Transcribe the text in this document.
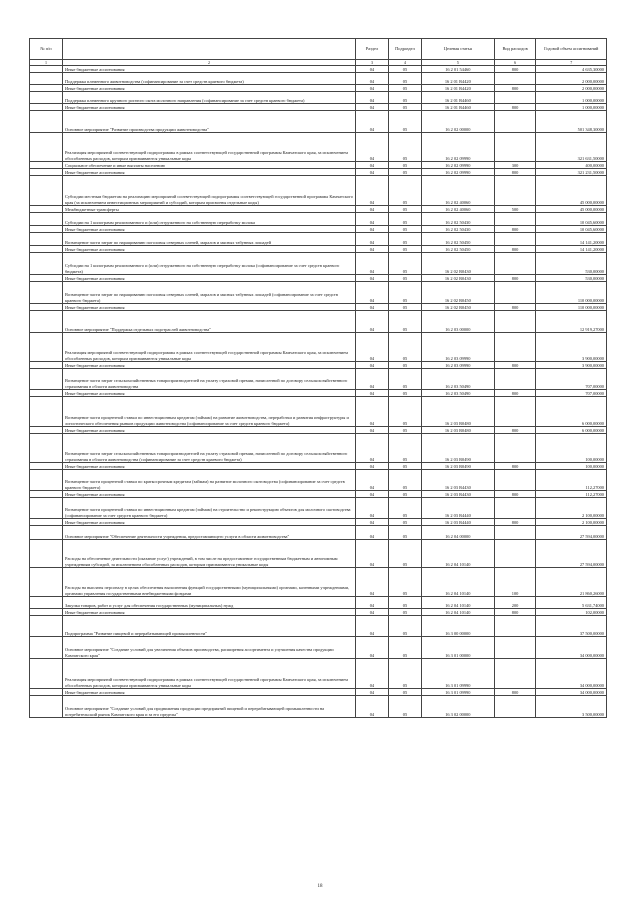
№ п/п		Раздел	Подраздел	Целевая статья	Вид расходов	Годовой объем ассигнований
1	2	3	4	5	6	7
	Иные бюджетные ассигнования	04	05	16 2 01 54460	800	4 635,30000
	Поддержка племенного животноводства (софинансирование за счет средств краевого бюджета)	04	05	16 2 01 R4420		2 000,00000
	Иные бюджетные ассигнования	04	05	16 2 01 R4420	800	2 000,00000
	Поддержка племенного крупного рогатого скота молочного направления (софинансирование за счет средств краевого бюджета)	04	05	16 2 01 R4460		1 000,00000
	Иные бюджетные ассигнования	04	05	16 2 01 R4460	800	1 000,00000
	Основное мероприятие "Развитие производства продукции животноводства"	04	05	16 2 02 00000		501 348,30000
	Реализация мероприятий соответствующей подпрограммы в рамках соответствующей государственной программы Камчатского края, за исключением обособленных расходов, которым присваиваются уникальные коды	04	05	16 2 02 09990		321 631,50000
	Социальное обеспечение и иные выплаты населению	04	05	16 2 02 09990	300	400,00000
	Иные бюджетные ассигнования	04	05	16 2 02 09990	800	321 231,50000
	Субсидии местным бюджетам на реализацию мероприятий соответствующей подпрограммы соответствующей государственной программы Камчатского края (за исключением инвестиционных мероприятий и субсидий, которым присвоены отдельные коды)	04	05	16 2 02 40060		45 000,00000
	Межбюджетные трансферты	04	05	16 2 02 40060	500	45 000,00000
	Субсидии на 1 килограмм реализованного и (или) отгруженного на собственную переработку молока	04	05	16 2 02 50430		10 045,60000
	Иные бюджетные ассигнования	04	05	16 2 02 50430	800	10 045,60000
	Возмещение части затрат по наращиванию поголовья северных оленей, маралов и мясных табунных лошадей	04	05	16 2 02 50450		14 141,20000
	Иные бюджетные ассигнования	04	05	16 2 02 50450	800	14 141,20000
	Субсидии на 1 килограмм реализованного и (или) отгруженного на собственную переработку молока (софинансирование за счет средств краевого бюджета)	04	05	16 2 02 R0430		530,00000
	Иные бюджетные ассигнования	04	05	16 2 02 R0430	800	530,00000
	Возмещение части затрат по наращиванию поголовья северных оленей, маралов и мясных табунных лошадей (софинансирование за счет средств краевого бюджета)	04	05	16 2 02 R0450		110 000,00000
	Иные бюджетные ассигнования	04	05	16 2 02 R0450	800	110 000,00000
	Основное мероприятие "Поддержка отдельных подотраслей животноводства"	04	05	16 2 03 00000		12 919,27000
	Реализация мероприятий соответствующей подпрограммы в рамках соответствующей государственной программы Камчатского края, за исключением обособленных расходов, которым присваиваются уникальные коды	04	05	16 2 03 09990		3 900,00000
	Иные бюджетные ассигнования	04	05	16 2 03 09990	800	3 900,00000
	Возмещение части затрат сельскохозяйственных товаропроизводителей на уплату страховой премии, начисленной по договору сельскохозяйственного страхования в области животноводства	04	05	16 2 03 50490		707,00000
	Иные бюджетные ассигнования	04	05	16 2 03 50490	800	707,00000
	Возмещение части процентной ставки по инвестиционным кредитам (займам) на развитие животноводства, переработки и развития инфраструктуры и логистического обеспечения рынков продукции животноводства (софинансирование за счет средств краевого бюджета)	04	05	16 2 03 R0480		6 000,00000
	Иные бюджетные ассигнования	04	05	16 2 03 R0480	800	6 000,00000
	Возмещение части затрат сельскохозяйственных товаропроизводителей на уплату страховой премии, начисленной по договору сельскохозяйственного страхования в области животноводства (софинансирование за счет средств краевого бюджета)	04	05	16 2 03 R0490		100,00000
	Иные бюджетные ассигнования	04	05	16 2 03 R0490	800	100,00000
	Возмещение части процентной ставки по краткосрочным кредитам (займам) на развитие молочного скотоводства (софинансирование за счет средств краевого бюджета)	04	05	16 2 03 R4430		112,27000
	Иные бюджетные ассигнования	04	05	16 2 03 R4430	800	112,27000
	Возмещение части процентной ставки по инвестиционным кредитам (займам) на строительство и реконструкцию объектов для молочного скотоводства (софинансирование за счет средств краевого бюджета)	04	05	16 2 03 R4440		2 100,00000
	Иные бюджетные ассигнования	04	05	16 2 03 R4440	800	2 100,00000
	Основное мероприятие "Обеспечение деятельности учреждения, предоставляющего услуги в области животноводства"	04	05	16 2 04 00000		27 594,00000
	Расходы на обеспечение деятельности (оказание услуг) учреждений, в том числе на предоставление государственным бюджетным и автономным учреждениям субсидий, за исключением обособленных расходов, которым присваиваются уникальные коды	04	05	16 2 04 10140		27 594,00000
	Расходы на выплаты персоналу в целях обеспечения выполнения функций государственными (муниципальными) органами, казенными учреждениями, органами управления государственными внебюджетными фондами	04	05	16 2 04 10140	100	21 860,26000
	Закупка товаров, работ и услуг для обеспечения государственных (муниципальных) нужд	04	05	16 2 04 10140	200	5 631,74000
	Иные бюджетные ассигнования	04	05	16 2 04 10140	800	102,00000
	Подпрограмма "Развитие пищевой и перерабатывающей промышленности"	04	05	16 3 00 00000		37 500,00000
	Основное мероприятие "Создание условий для увеличения объемов производства, расширения ассортимента и улучшения качества продукции Камчатского края"	04	05	16 3 01 00000		34 000,00000
	Реализация мероприятий соответствующей подпрограммы в рамках соответствующей государственной программы Камчатского края, за исключением обособленных расходов, которым присваиваются уникальные коды	04	05	16 3 01 09990		34 000,00000
	Иные бюджетные ассигнования	04	05	16 3 01 09990	800	34 000,00000
	Основное мероприятие "Создание условий для продвижения продукции предприятий пищевой и перерабатывающей промышленности на потребительский рынок Камчатского края и за его пределы"	04	05	16 3 02 00000		3 500,00000
18
